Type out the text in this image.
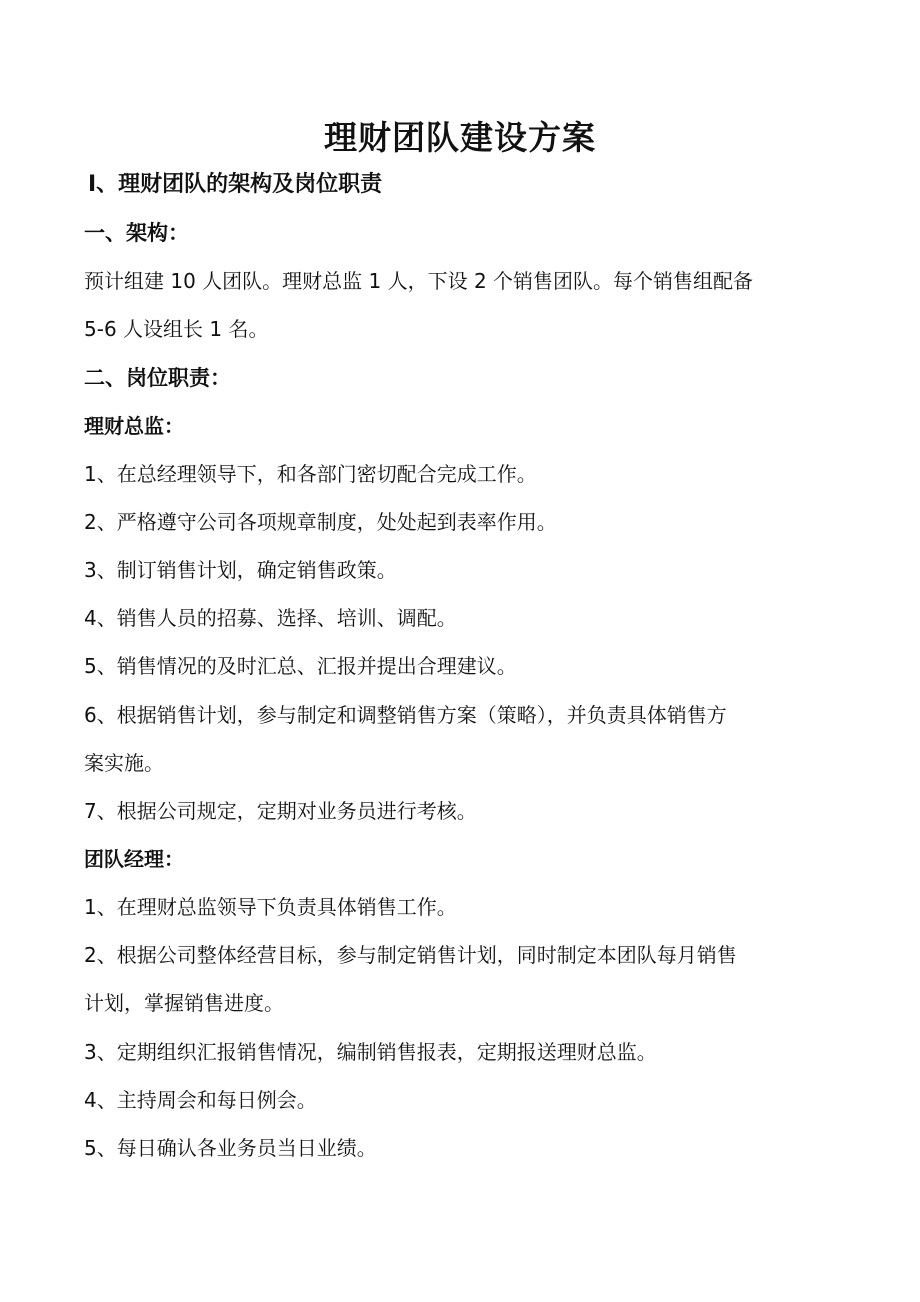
理财团队建设方案
Ⅰ、理财团队的架构及岗位职责
一、架构：
预计组建 10 人团队。理财总监 1 人，下设 2 个销售团队。每个销售组配备
5-6 人设组长 1 名。
二、岗位职责：
理财总监：
1、在总经理领导下，和各部门密切配合完成工作。
2、严格遵守公司各项规章制度，处处起到表率作用。
3、制订销售计划，确定销售政策。
4、销售人员的招募、选择、培训、调配。
5、销售情况的及时汇总、汇报并提出合理建议。
6、根据销售计划，参与制定和调整销售方案（策略），并负责具体销售方
案实施。
7、根据公司规定，定期对业务员进行考核。
团队经理：
1、在理财总监领导下负责具体销售工作。
2、根据公司整体经营目标，参与制定销售计划，同时制定本团队每月销售
计划，掌握销售进度。
3、定期组织汇报销售情况，编制销售报表，定期报送理财总监。
4、主持周会和每日例会。
5、每日确认各业务员当日业绩。
